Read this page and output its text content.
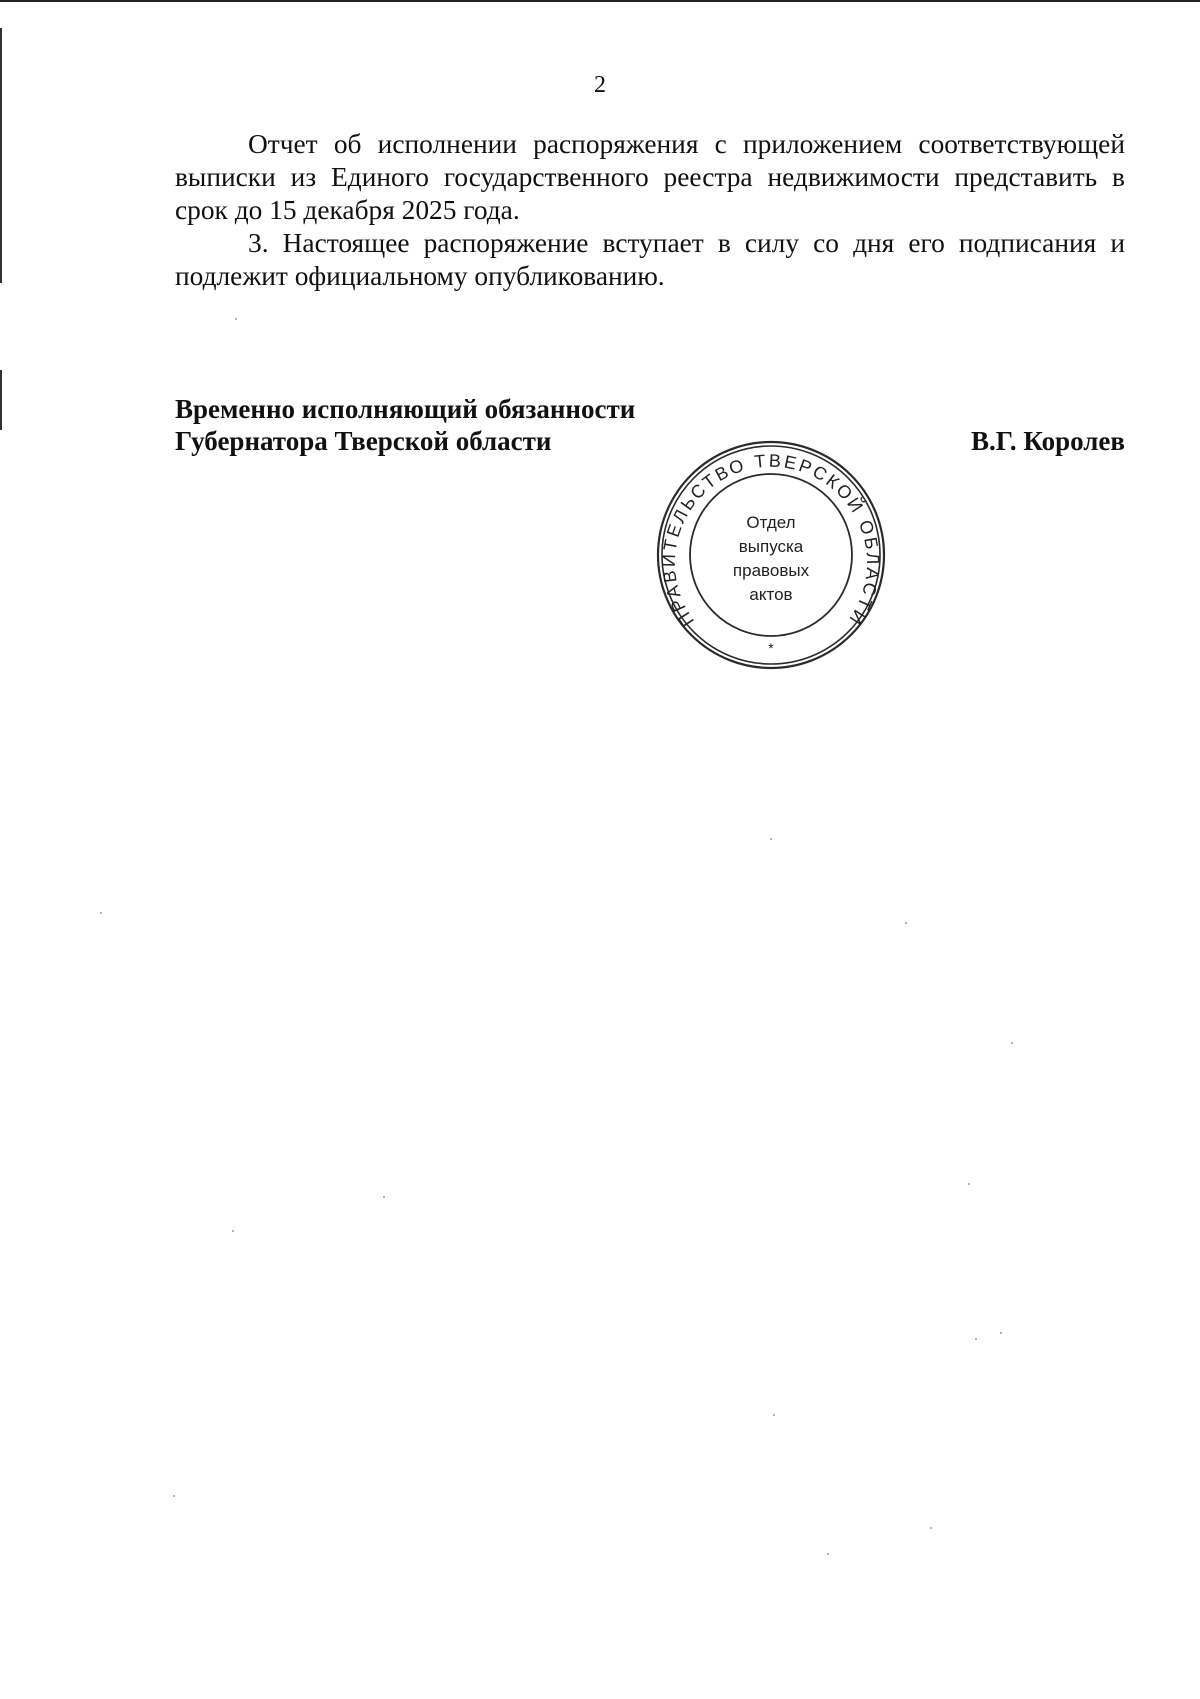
2

Отчет об исполнении распоряжения с приложением соответствующей выписки из Единого государственного реестра недвижимости представить в срок до 15 декабря 2025 года.

3. Настоящее распоряжение вступает в силу со дня его подписания и подлежит официальному опубликованию.

Временно исполняющий обязанности
Губернатора Тверской области	В.Г. Королев
ПРАВИТЕЛЬСТВО ТВЕРСКОЙ ОБЛАСТИ
Отдел
выпуска
правовых
актов
*
